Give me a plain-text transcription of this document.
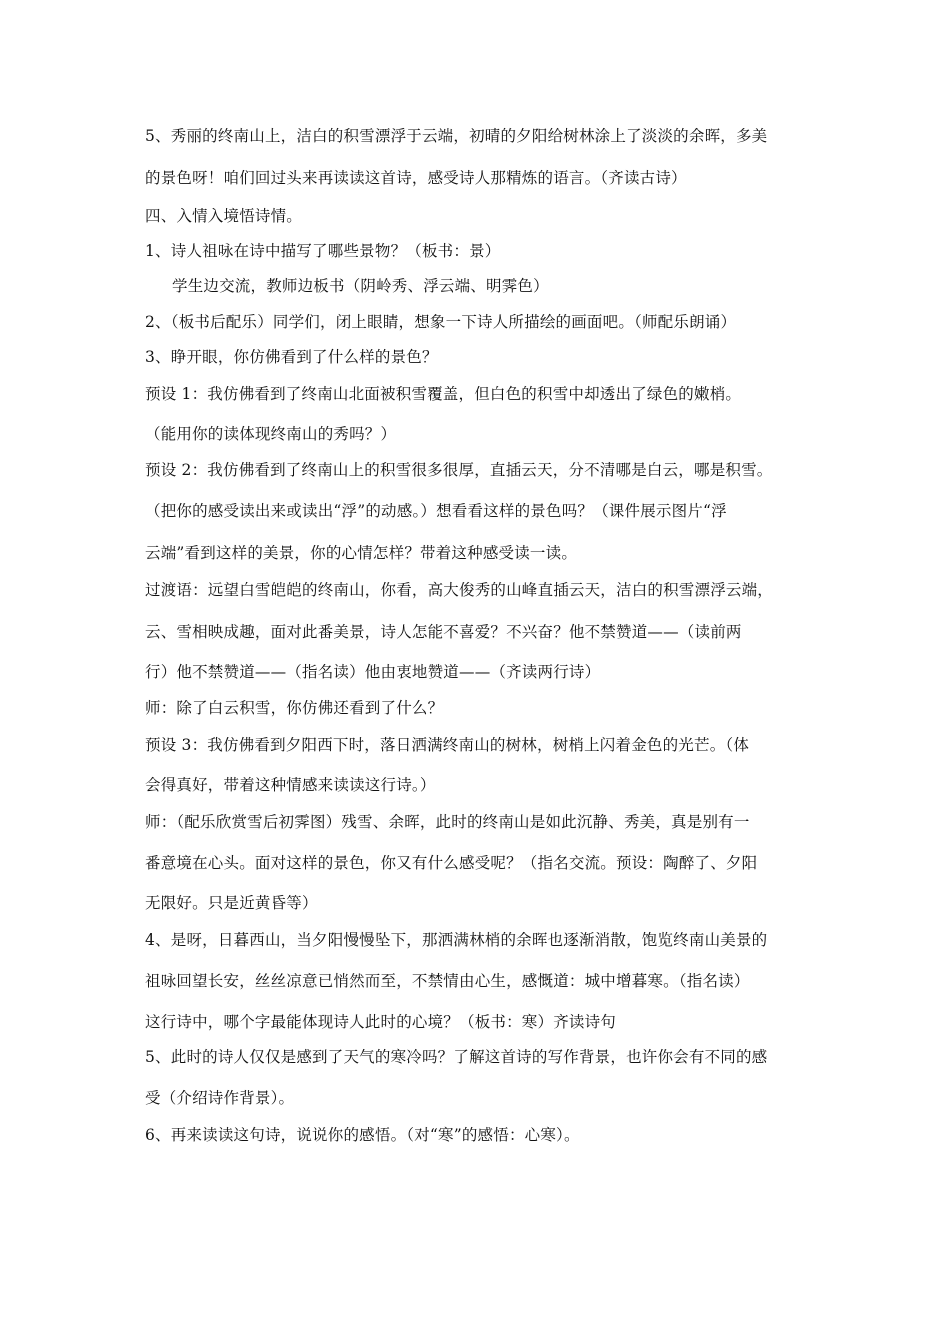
5、秀丽的终南山上，洁白的积雪漂浮于云端，初晴的夕阳给树林涂上了淡淡的余晖，多美
的景色呀！咱们回过头来再读读这首诗，感受诗人那精炼的语言。（齐读古诗）
四、入情入境悟诗情。
1、诗人祖咏在诗中描写了哪些景物？（板书：景）
学生边交流，教师边板书（阴岭秀、浮云端、明霁色）
2、（板书后配乐）同学们，闭上眼睛，想象一下诗人所描绘的画面吧。（师配乐朗诵）
3、睁开眼，你仿佛看到了什么样的景色？
预设 1：我仿佛看到了终南山北面被积雪覆盖，但白色的积雪中却透出了绿色的嫩梢。
（能用你的读体现终南山的秀吗？）
预设 2：我仿佛看到了终南山上的积雪很多很厚，直插云天，分不清哪是白云，哪是积雪。
（把你的感受读出来或读出“浮”的动感。）想看看这样的景色吗？（课件展示图片“浮
云端”看到这样的美景，你的心情怎样？带着这种感受读一读。
过渡语：远望白雪皑皑的终南山，你看，高大俊秀的山峰直插云天，洁白的积雪漂浮云端，
云、雪相映成趣，面对此番美景，诗人怎能不喜爱？不兴奋？他不禁赞道——（读前两
行）他不禁赞道——（指名读）他由衷地赞道——（齐读两行诗）
师：除了白云积雪，你仿佛还看到了什么？
预设 3：我仿佛看到夕阳西下时，落日洒满终南山的树林，树梢上闪着金色的光芒。（体
会得真好，带着这种情感来读读这行诗。）
师：（配乐欣赏雪后初霁图）残雪、余晖，此时的终南山是如此沉静、秀美，真是别有一
番意境在心头。面对这样的景色，你又有什么感受呢？（指名交流。预设：陶醉了、夕阳
无限好。只是近黄昏等）
4、是呀，日暮西山，当夕阳慢慢坠下，那洒满林梢的余晖也逐渐消散，饱览终南山美景的
祖咏回望长安，丝丝凉意已悄然而至，不禁情由心生，感慨道：城中增暮寒。（指名读）
这行诗中，哪个字最能体现诗人此时的心境？（板书：寒）齐读诗句
5、此时的诗人仅仅是感到了天气的寒冷吗？了解这首诗的写作背景，也许你会有不同的感
受（介绍诗作背景）。
6、再来读读这句诗，说说你的感悟。（对“寒”的感悟：心寒）。
